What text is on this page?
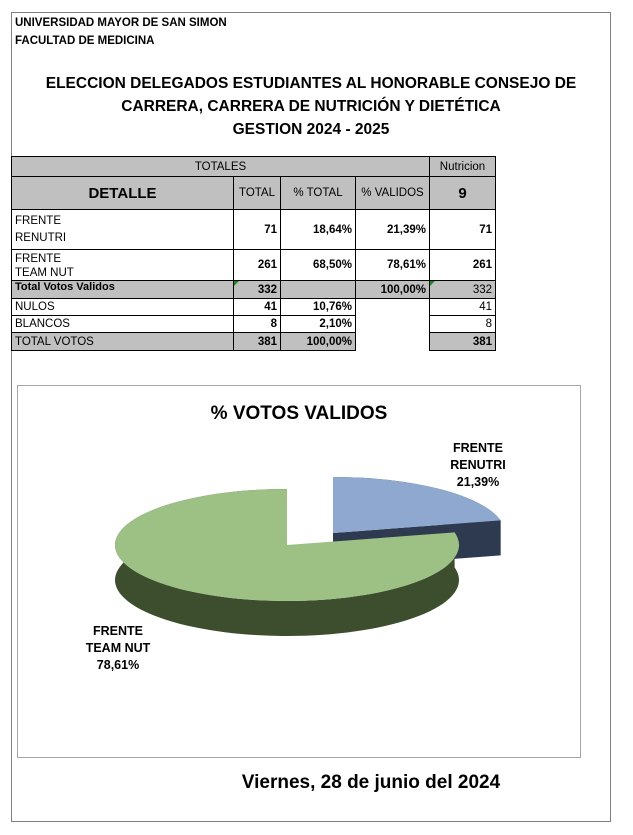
UNIVERSIDAD MAYOR DE SAN SIMON
FACULTAD DE MEDICINA
ELECCION DELEGADOS ESTUDIANTES AL HONORABLE CONSEJO DE
CARRERA, CARRERA DE NUTRICIÓN Y DIETÉTICA
GESTION 2024 - 2025
TOTALES				Nutricion
DETALLE	TOTAL	% TOTAL	% VALIDOS	9

FRENTE
RENUTRI	71	18,64%	21,39%	71

FRENTE
TEAM NUT	261	68,50%	78,61%	261
Total Votos Validos	332		100,00%	332
NULOS	41	10,76%		41
BLANCOS	8	2,10%		8
TOTAL VOTOS	381	100,00%		381
% VOTOS VALIDOS
FRENTE
RENUTRI
21,39%
FRENTE
TEAM NUT
78,61%
Viernes, 28 de junio del 2024
